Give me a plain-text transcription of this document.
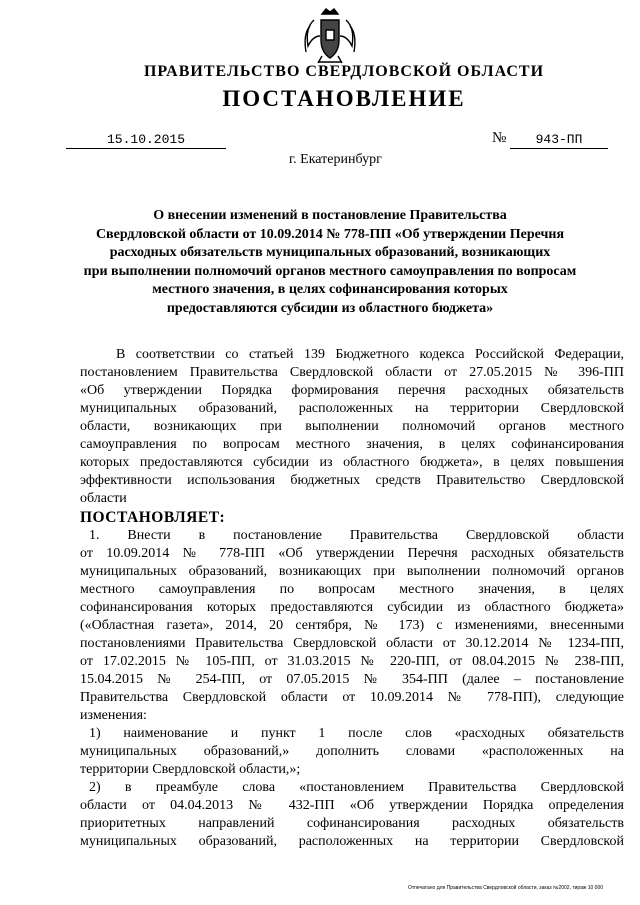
ПРАВИТЕЛЬСТВО СВЕРДЛОВСКОЙ ОБЛАСТИ

ПОСТАНОВЛЕНИЕ

15.10.2015	№	943-ПП
г. Екатеринбург
О внесении изменений в постановление Правительства
Свердловской области от 10.09.2014 № 778-ПП «Об утверждении Перечня
расходных обязательств муниципальных образований, возникающих
при выполнении полномочий органов местного самоуправления по вопросам
местного значения, в целях софинансирования которых
предоставляются субсидии из областного бюджета»
В соответствии со статьей 139 Бюджетного кодекса Российской Федерации,
постановлением Правительства Свердловской области от 27.05.2015 № 396-ПП
«Об утверждении Порядка формирования перечня расходных обязательств
муниципальных образований, расположенных на территории Свердловской
области, возникающих при выполнении полномочий органов местного
самоуправления по вопросам местного значения, в целях софинансирования
которых предоставляются субсидии из областного бюджета», в целях повышения
эффективности использования бюджетных средств Правительство Свердловской
области
ПОСТАНОВЛЯЕТ:
1. Внести в постановление Правительства Свердловской области
от 10.09.2014 № 778-ПП «Об утверждении Перечня расходных обязательств
муниципальных образований, возникающих при выполнении полномочий органов
местного самоуправления по вопросам местного значения, в целях
софинансирования которых предоставляются субсидии из областного бюджета»
(«Областная газета», 2014, 20 сентября, № 173) с изменениями, внесенными
постановлениями Правительства Свердловской области от 30.12.2014 № 1234-ПП,
от 17.02.2015 № 105-ПП, от 31.03.2015 № 220-ПП, от 08.04.2015 № 238-ПП,
15.04.2015 № 254-ПП, от 07.05.2015 № 354-ПП (далее – постановление
Правительства Свердловской области от 10.09.2014 № 778-ПП), следующие
изменения:
1) наименование и пункт 1 после слов «расходных обязательств
муниципальных образований,» дополнить словами «расположенных на
территории Свердловской области,»;
2) в преамбуле слова «постановлением Правительства Свердловской
области от 04.04.2013 № 432-ПП «Об утверждении Порядка определения
приоритетных направлений софинансирования расходных обязательств
муниципальных образований, расположенных на территории Свердловской
Отпечатано для Правительства Свердловской области, заказ №2002, тираж 10 000
